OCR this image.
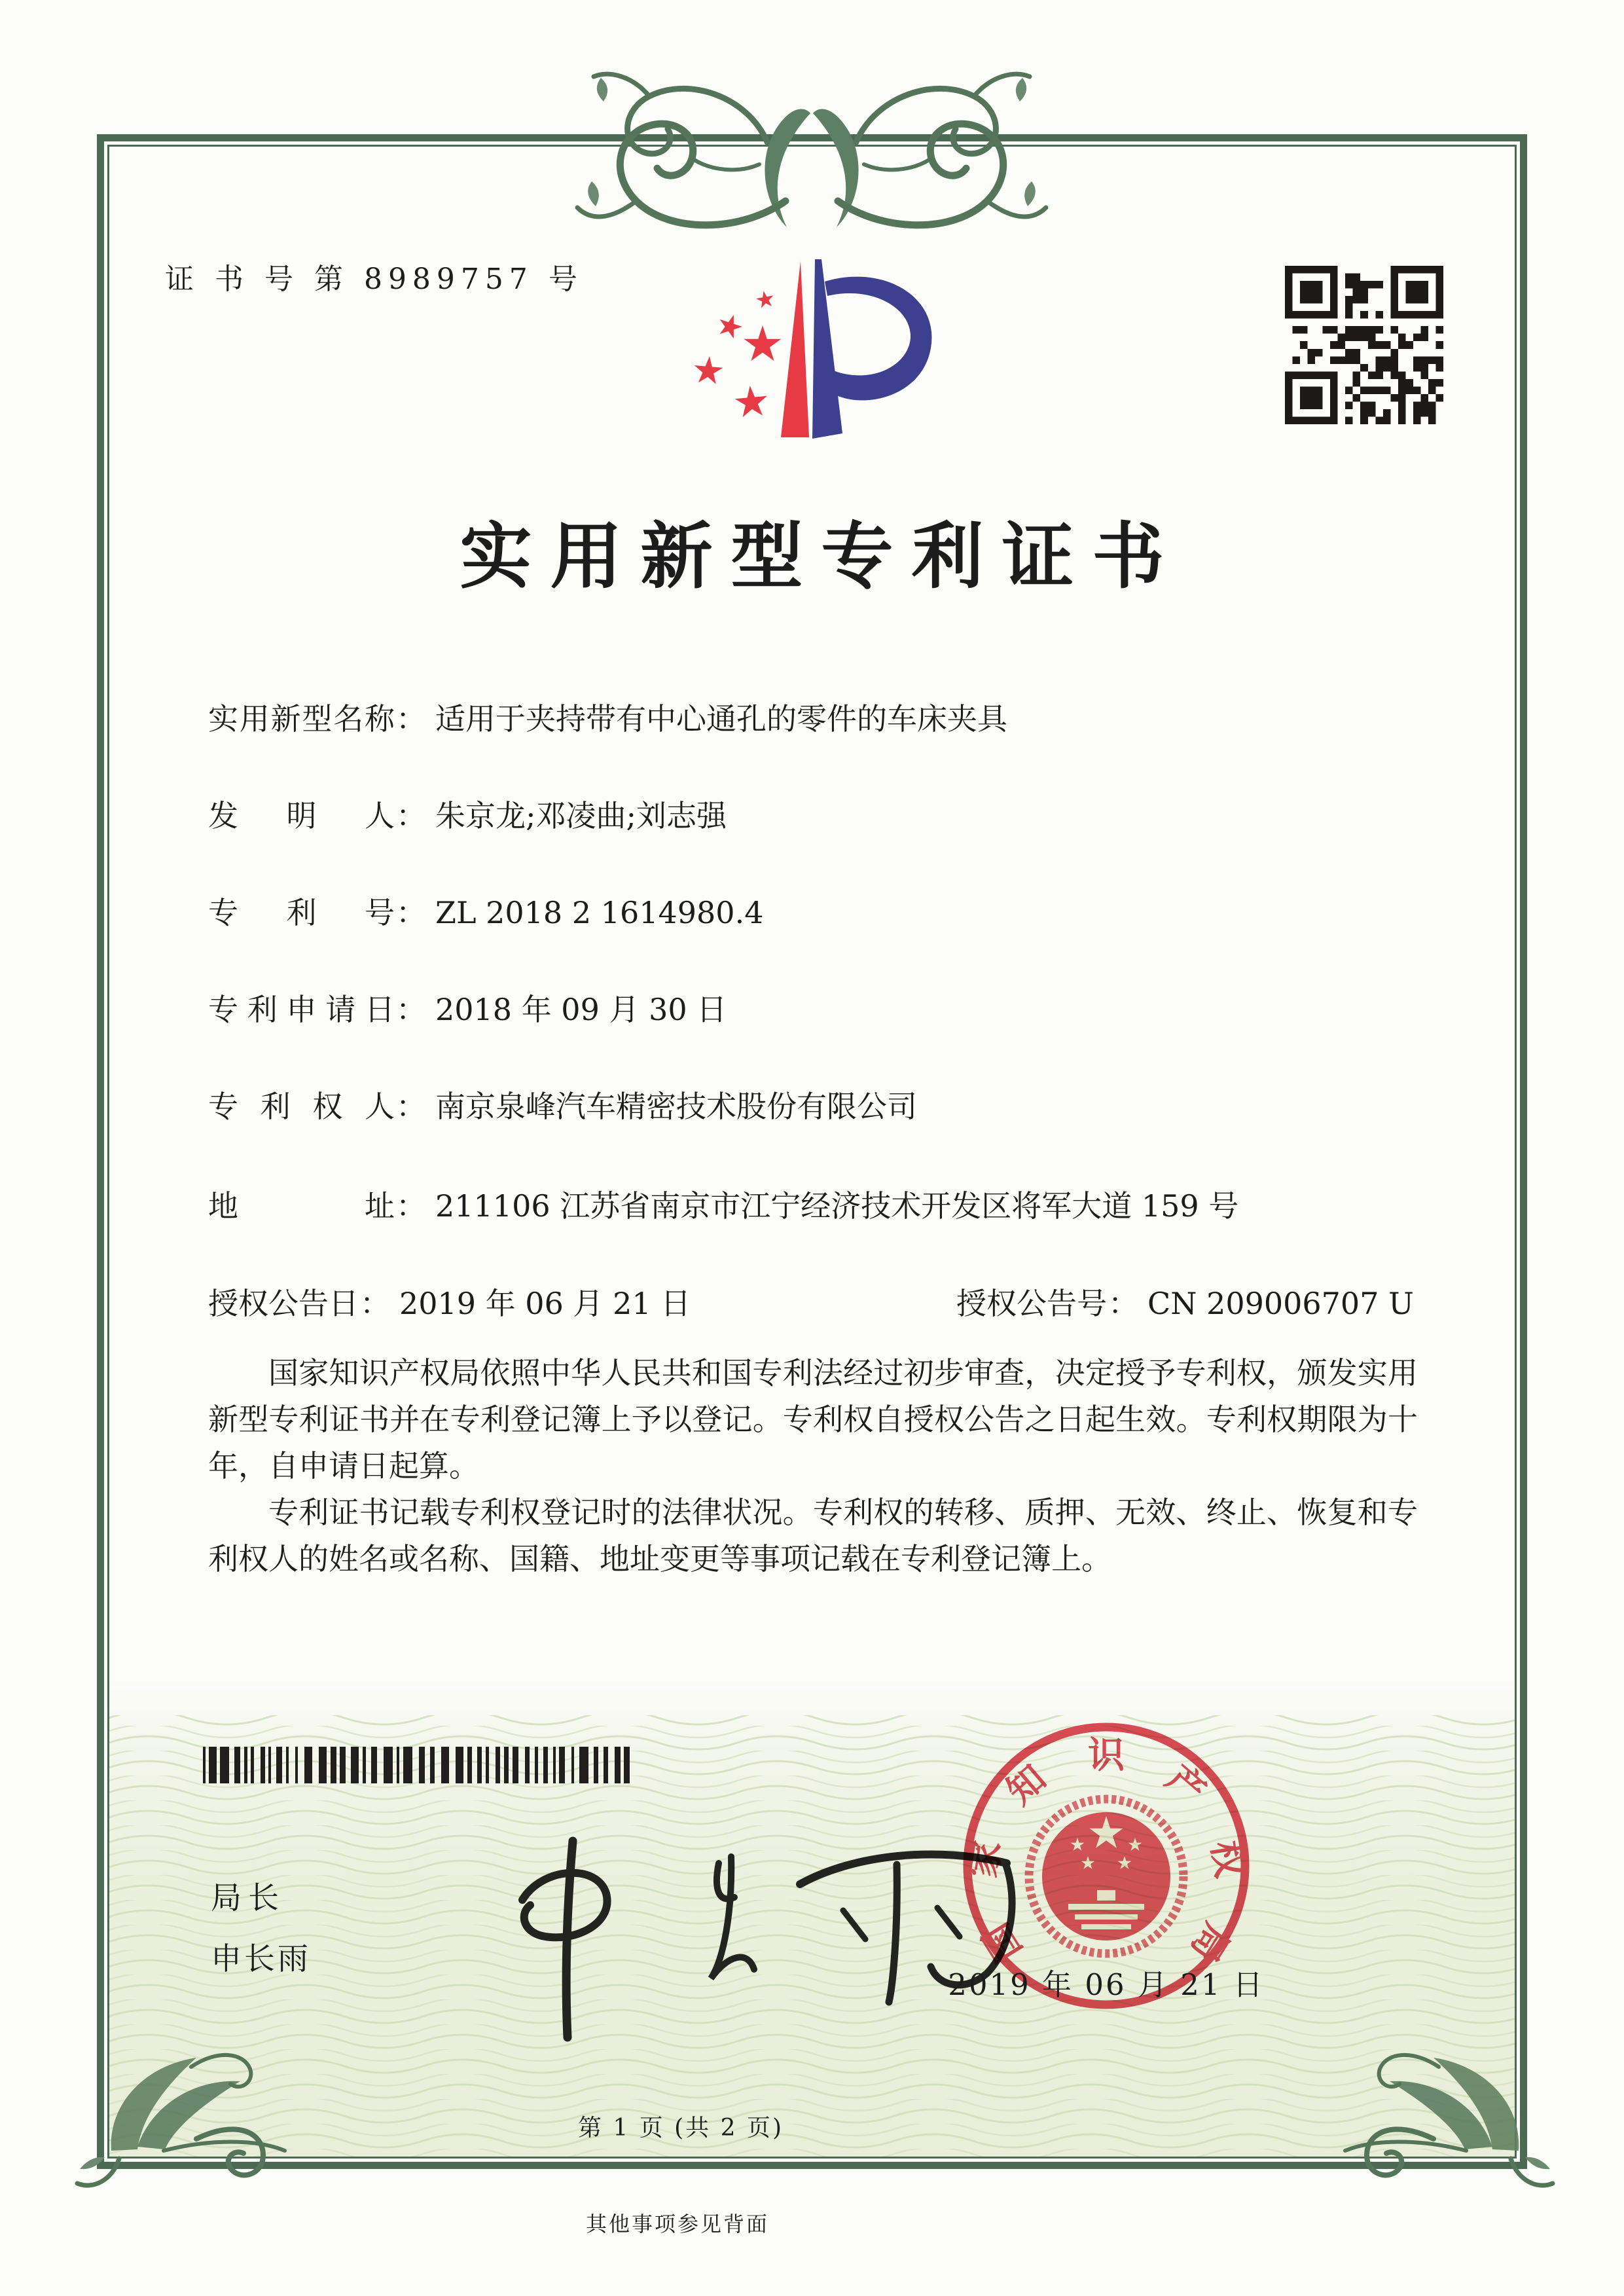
证 书 号 第 8989757 号
实用新型专利证书
实用新型名称： 适用于夹持带有中心通孔的零件的车床夹具
发明人： 朱京龙;邓凌曲;刘志强
专利号： ZL 2018 2 1614980.4
专利申请日： 2018 年 09 月 30 日
专利权人： 南京泉峰汽车精密技术股份有限公司
地址： 211106 江苏省南京市江宁经济技术开发区将军大道 159 号
授权公告日： 2019 年 06 月 21 日	授权公告号： CN 209006707 U

国家知识产权局依照中华人民共和国专利法经过初步审查，决定授予专利权，颁发实用新型专利证书并在专利登记簿上予以登记。专利权自授权公告之日起生效。专利权期限为十年，自申请日起算。

专利证书记载专利权登记时的法律状况。专利权的转移、质押、无效、终止、恢复和专利权人的姓名或名称、国籍、地址变更等事项记载在专利登记簿上。

局长
申长雨	国
家
知
识
产
权
局
2019 年 06 月 21 日
第 1 页 (共 2 页)
其他事项参见背面
